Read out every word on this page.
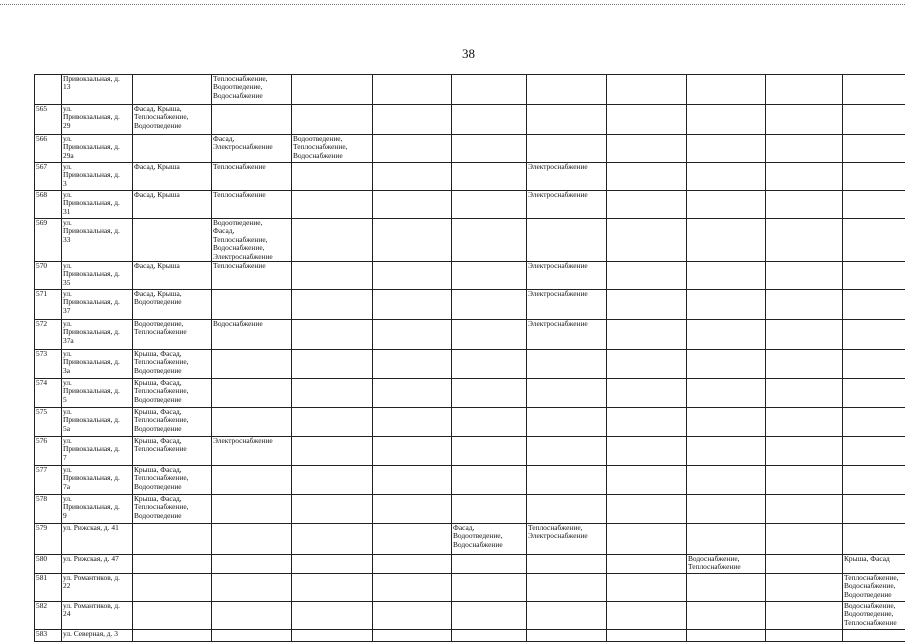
38
	Привокзальная, д.
13		Теплоснабжение,
Водоотведение,
Водоснабжение								
565	ул.
Привокзальная, д.
29	Фасад, Крыша,
Теплоснабжение,
Водоотведение									
566	ул.
Привокзальная, д.
29а		Фасад,
Электроснабжение	Водоотведение,
Теплоснабжение,
Водоснабжение							
567	ул.
Привокзальная, д.
3	Фасад, Крыша	Теплоснабжение				Электроснабжение				
568	ул.
Привокзальная, д.
31	Фасад, Крыша	Теплоснабжение				Электроснабжение				
569	ул.
Привокзальная, д.
33		Водоотведение,
Фасад,
Теплоснабжение,
Водоснабжение,
Электроснабжение								
570	ул.
Привокзальная, д.
35	Фасад, Крыша	Теплоснабжение				Электроснабжение				
571	ул.
Привокзальная, д.
37	Фасад, Крыша,
Водоотведение					Электроснабжение				
572	ул.
Привокзальная, д.
37а	Водоотведение,
Теплоснабжение	Водоснабжение				Электроснабжение				
573	ул.
Привокзальная, д.
3а	Крыша, Фасад,
Теплоснабжение,
Водоотведение									
574	ул.
Привокзальная, д.
5	Крыша, Фасад,
Теплоснабжение,
Водоотведение									
575	ул.
Привокзальная, д.
5а	Крыша, Фасад,
Теплоснабжение,
Водоотведение									
576	ул.
Привокзальная, д.
7	Крыша, Фасад,
Теплоснабжение	Электроснабжение								
577	ул.
Привокзальная, д.
7а	Крыша, Фасад,
Теплоснабжение,
Водоотведение									
578	ул.
Привокзальная, д.
9	Крыша, Фасад,
Теплоснабжение,
Водоотведение									
579	ул. Рижская, д. 41					Фасад,
Водоотведение,
Водоснабжение	Теплоснабжение,
Электроснабжение				
580	ул. Рижская, д. 47								Водоснабжение,
Теплоснабжение		Крыша, Фасад
581	ул. Романтиков, д.
22										Теплоснабжение,
Водоснабжение,
Водоотведение
582	ул. Романтиков, д.
24										Водоснабжение,
Водоотведение,
Теплоснабжение
583	ул. Северная, д. 3										
